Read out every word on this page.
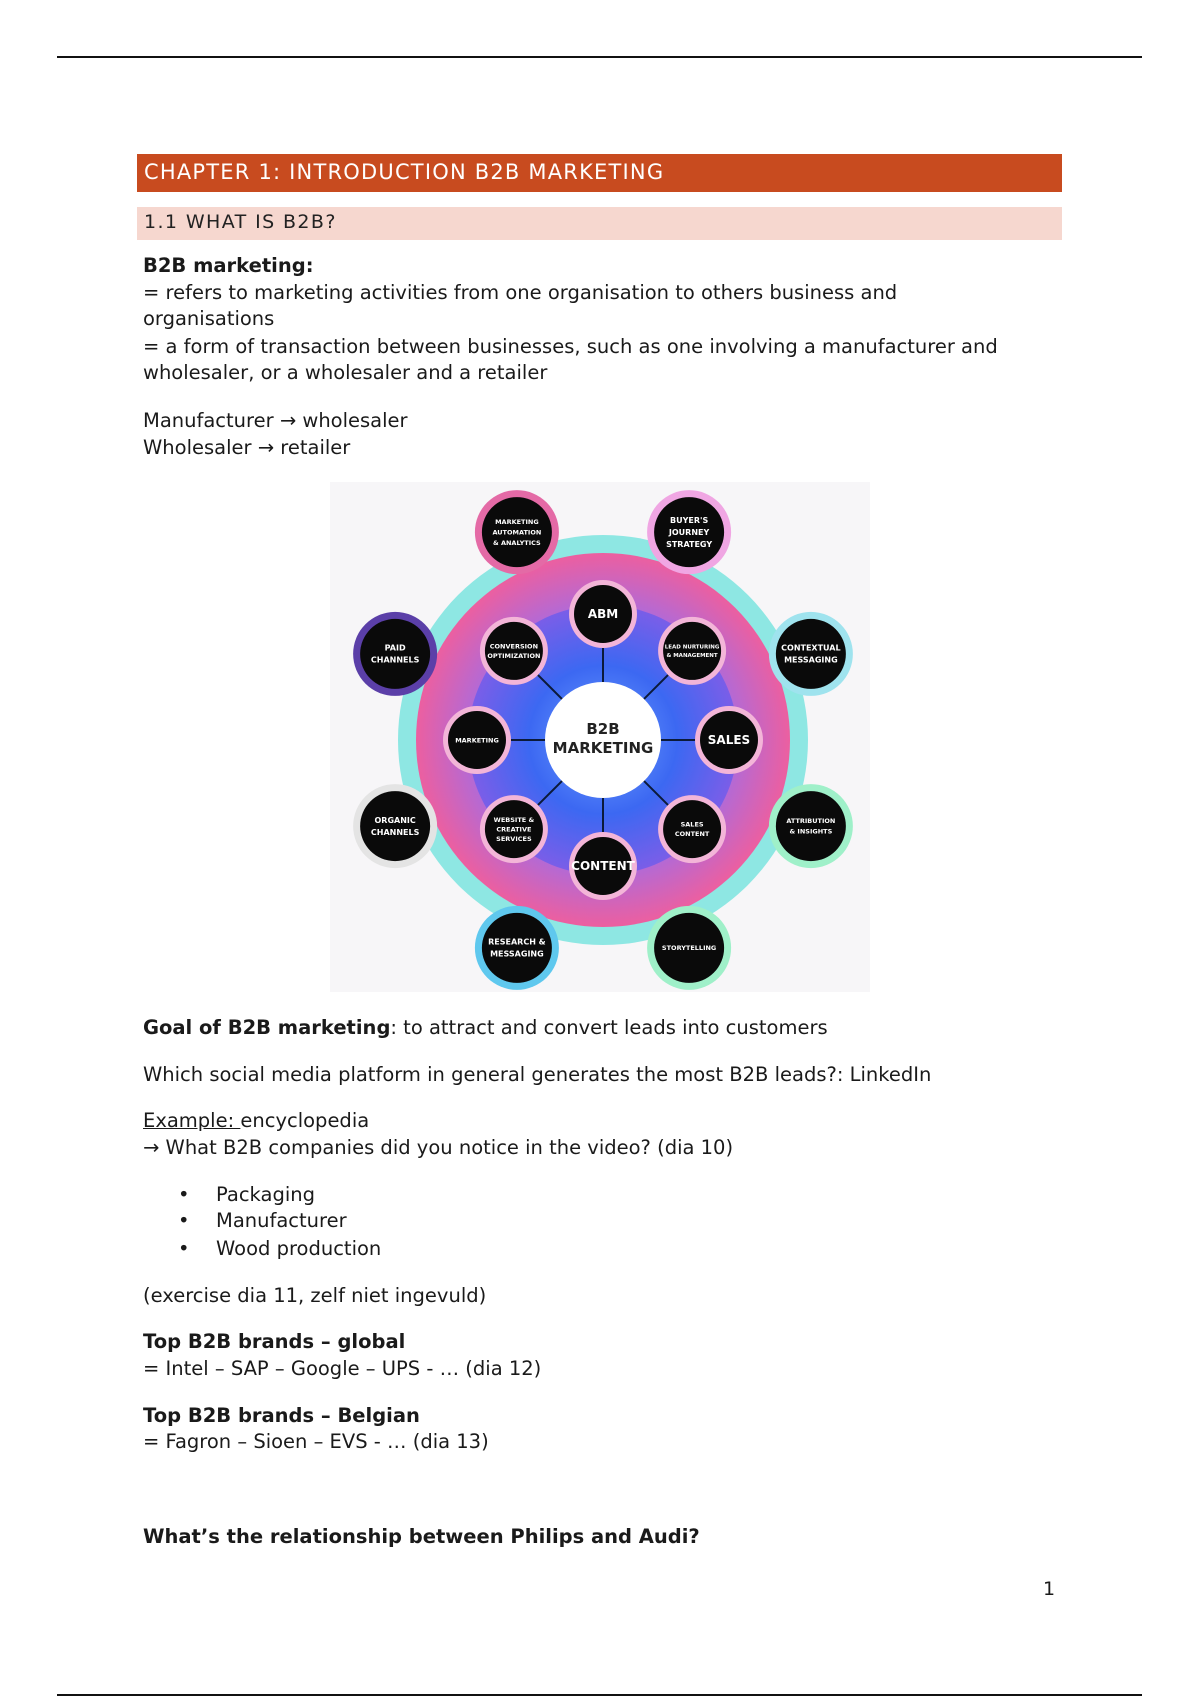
CHAPTER 1: INTRODUCTION B2B MARKETING
1.1 WHAT IS B2B?
B2B marketing:
= refers to marketing activities from one organisation to others business and
organisations
= a form of transaction between businesses, such as one involving a manufacturer and
wholesaler, or a wholesaler and a retailer
Manufacturer → wholesaler
Wholesaler → retailer
B2B
MARKETING
ABM
LEAD NURTURING
& MANAGEMENT
SALES
SALES
CONTENT
CONTENT
WEBSITE &
CREATIVE
SERVICES
MARKETING
CONVERSION
OPTIMIZATION
MARKETING
AUTOMATION
& ANALYTICS
BUYER'S
JOURNEY
STRATEGY
CONTEXTUAL
MESSAGING
ATTRIBUTION
& INSIGHTS
STORYTELLING
RESEARCH &
MESSAGING
ORGANIC
CHANNELS
PAID
CHANNELS
Goal of B2B marketing: to attract and convert leads into customers
Which social media platform in general generates the most B2B leads?: LinkedIn
Example: encyclopedia
→ What B2B companies did you notice in the video? (dia 10)
• Packaging
• Manufacturer
• Wood production
(exercise dia 11, zelf niet ingevuld)
Top B2B brands – global
= Intel – SAP – Google – UPS - … (dia 12)
Top B2B brands – Belgian
= Fagron – Sioen – EVS - … (dia 13)
What’s the relationship between Philips and Audi?
1
